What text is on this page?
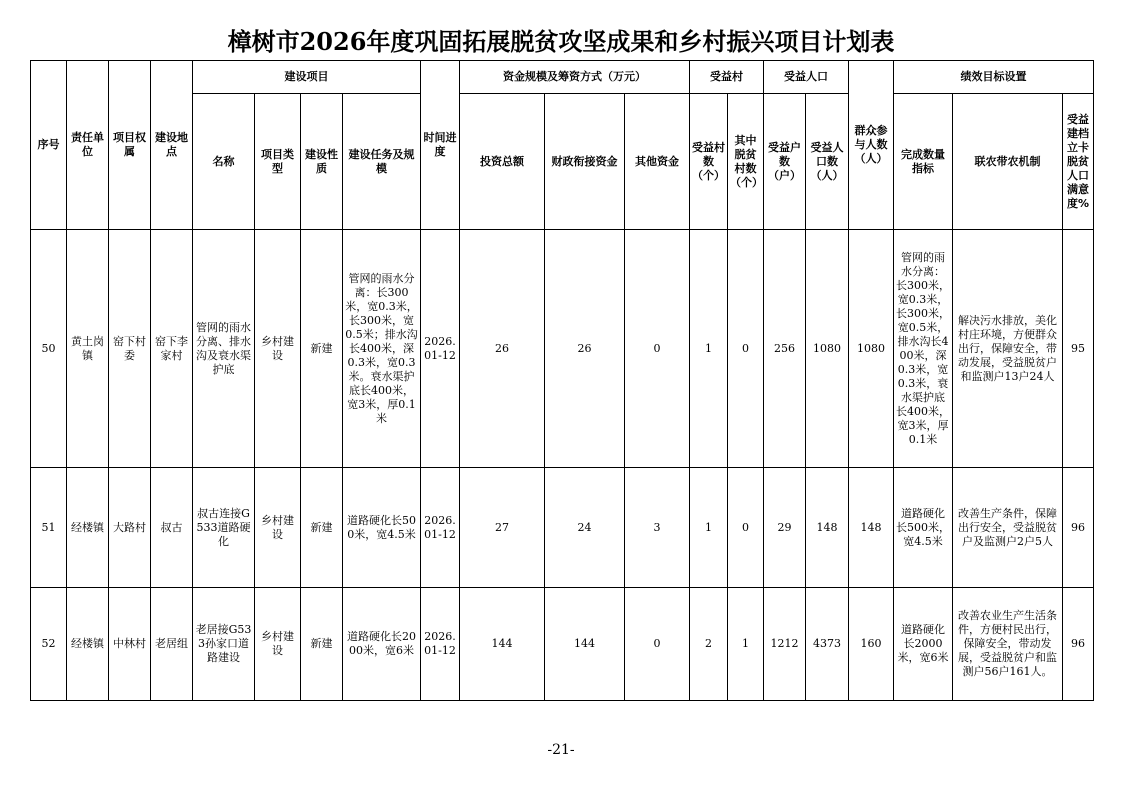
樟树市2026年度巩固拓展脱贫攻坚成果和乡村振兴项目计划表
序号	责任单位	项目权属	建设地点	建设项目				时间进度	资金规模及筹资方式（万元）			受益村		受益人口		群众参与人数（人）	绩效目标设置		
				名称	项目类型	建设性质	建设任务及规模		投资总额	财政衔接资金	其他资金	受益村数（个）	其中脱贫村数（个）	受益户数（户）	受益人口数（人）		完成数量指标	联农带农机制	受益建档立卡脱贫人口满意度%
50	黄土岗镇	窑下村委	窑下李家村	管网的雨水分离、排水沟及衰水渠护底	乡村建设	新建	管网的雨水分离：长300米，宽0.3米，长300米，宽0.5米；排水沟长400米，深0.3米，宽0.3米。衰水渠护底长400米，宽3米，厚0.1米	2026.01-12	26	26	0	1	0	256	1080	1080	管网的雨水分离：长300米，宽0.3米，长300米，宽0.5米，排水沟长400米，深0.3米，宽0.3米，衰水渠护底长400米，宽3米，厚0.1米	解决污水排放，美化村庄环境，方便群众出行，保障安全，带动发展，受益脱贫户和监测户13户24人	95
51	经楼镇	大路村	叔古	叔古连接G533道路硬化	乡村建设	新建	道路硬化长500米，宽4.5米	2026.01-12	27	24	3	1	0	29	148	148	道路硬化长500米，宽4.5米	改善生产条件，保障出行安全，受益脱贫户及监测户2户5人	96
52	经楼镇	中林村	老居组	老居接G533孙家口道路建设	乡村建设	新建	道路硬化长2000米，宽6米	2026.01-12	144	144	0	2	1	1212	4373	160	道路硬化长2000米，宽6米	改善农业生产生活条件，方便村民出行，保障安全，带动发展，受益脱贫户和监测户56户161人。	96
-21-
